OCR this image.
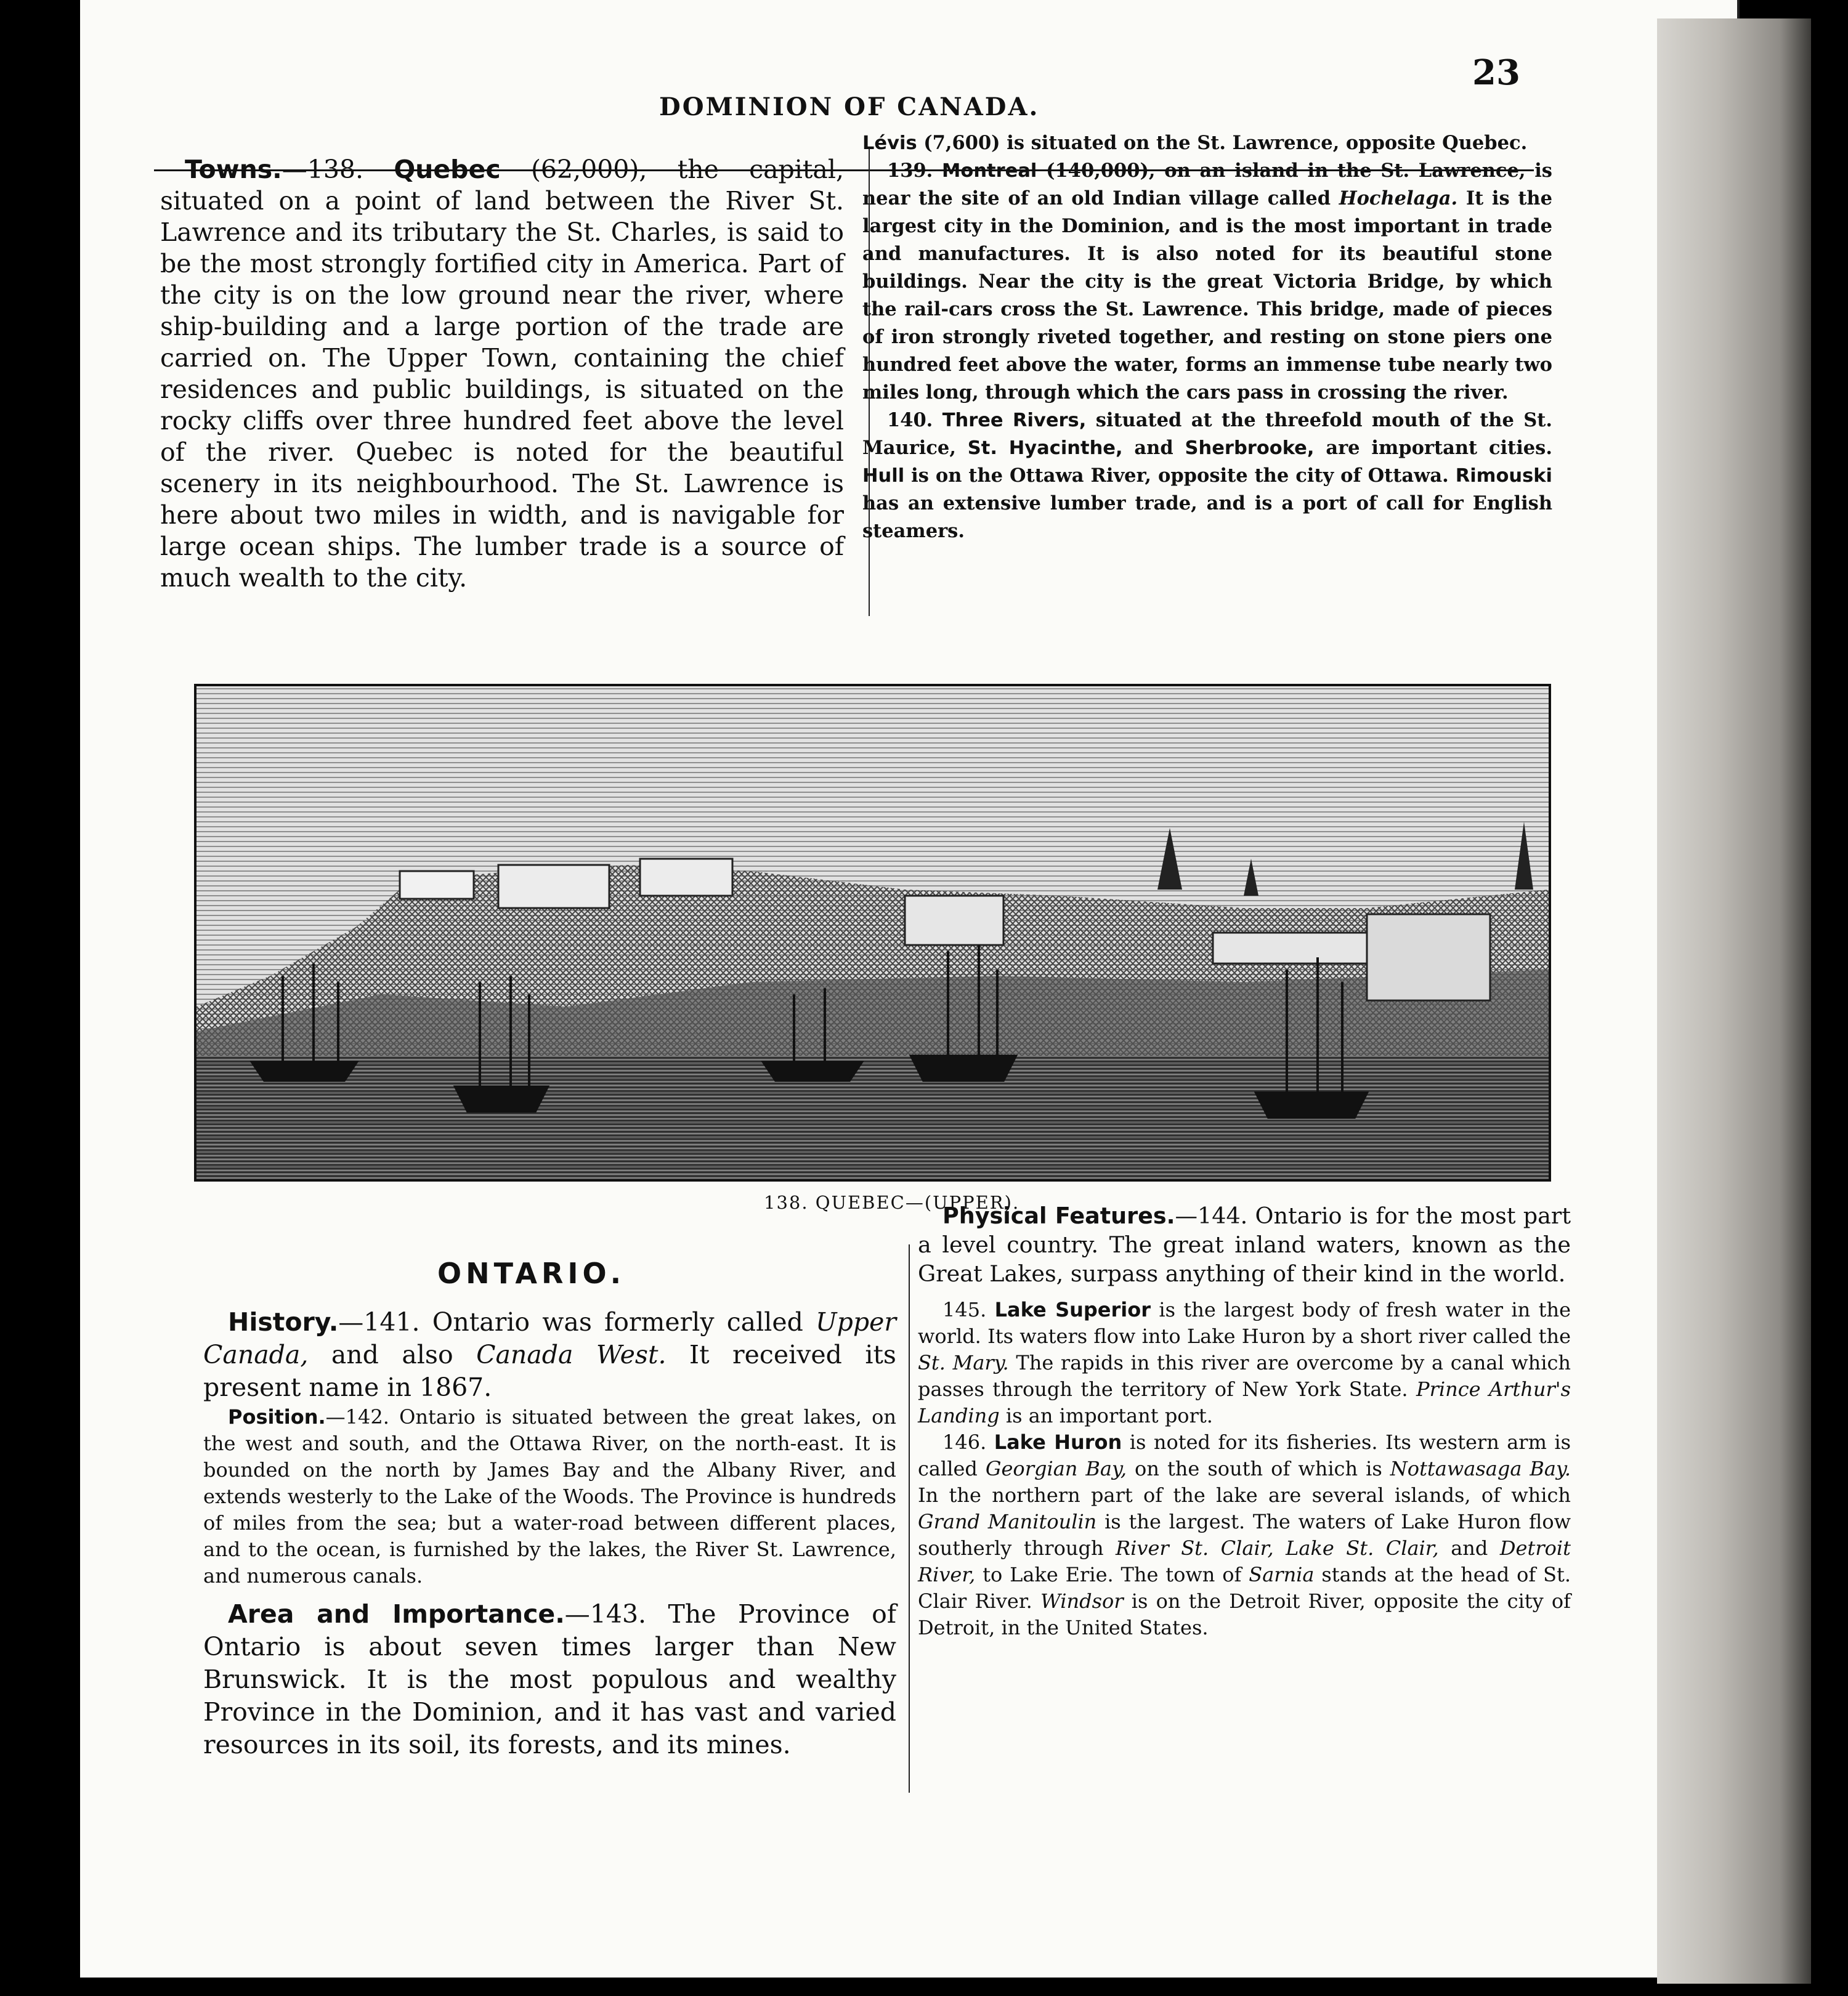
23
DOMINION OF CANADA.

Towns.—138. Quebec (62,000), the capital, situated on a point of land between the River St. Lawrence and its tributary the St. Charles, is said to be the most strongly fortified city in America. Part of the city is on the low ground near the river, where ship-building and a large portion of the trade are carried on. The Upper Town, containing the chief residences and public buildings, is situated on the rocky cliffs over three hundred feet above the level of the river. Quebec is noted for the beautiful scenery in its neighbourhood. The St. Lawrence is here about two miles in width, and is navigable for large ocean ships. The lumber trade is a source of much wealth to the city.

Lévis (7,600) is situated on the St. Lawrence, opposite Quebec.

139. Montreal (140,000), on an island in the St. Lawrence, is near the site of an old Indian village called Hochelaga. It is the largest city in the Dominion, and is the most important in trade and manufactures. It is also noted for its beautiful stone buildings. Near the city is the great Victoria Bridge, by which the rail-cars cross the St. Lawrence. This bridge, made of pieces of iron strongly riveted together, and resting on stone piers one hundred feet above the water, forms an immense tube nearly two miles long, through which the cars pass in crossing the river.

140. Three Rivers, situated at the threefold mouth of the St. Maurice, St. Hyacinthe, and Sherbrooke, are important cities. Hull is on the Ottawa River, opposite the city of Ottawa. Rimouski has an extensive lumber trade, and is a port of call for English steamers.

138. QUEBEC—(UPPER).
ONTARIO.

History.—141. Ontario was formerly called Upper Canada, and also Canada West. It received its present name in 1867.

Position.—142. Ontario is situated between the great lakes, on the west and south, and the Ottawa River, on the north-east. It is bounded on the north by James Bay and the Albany River, and extends westerly to the Lake of the Woods. The Province is hundreds of miles from the sea; but a water-road between different places, and to the ocean, is furnished by the lakes, the River St. Lawrence, and numerous canals.

Area and Importance.—143. The Province of Ontario is about seven times larger than New Brunswick. It is the most populous and wealthy Province in the Dominion, and it has vast and varied resources in its soil, its forests, and its mines.

Physical Features.—144. Ontario is for the most part a level country. The great inland waters, known as the Great Lakes, surpass anything of their kind in the world.

145. Lake Superior is the largest body of fresh water in the world. Its waters flow into Lake Huron by a short river called the St. Mary. The rapids in this river are overcome by a canal which passes through the territory of New York State. Prince Arthur's Landing is an important port.

146. Lake Huron is noted for its fisheries. Its western arm is called Georgian Bay, on the south of which is Nottawasaga Bay. In the northern part of the lake are several islands, of which Grand Manitoulin is the largest. The waters of Lake Huron flow southerly through River St. Clair, Lake St. Clair, and Detroit River, to Lake Erie. The town of Sarnia stands at the head of St. Clair River. Windsor is on the Detroit River, opposite the city of Detroit, in the United States.
